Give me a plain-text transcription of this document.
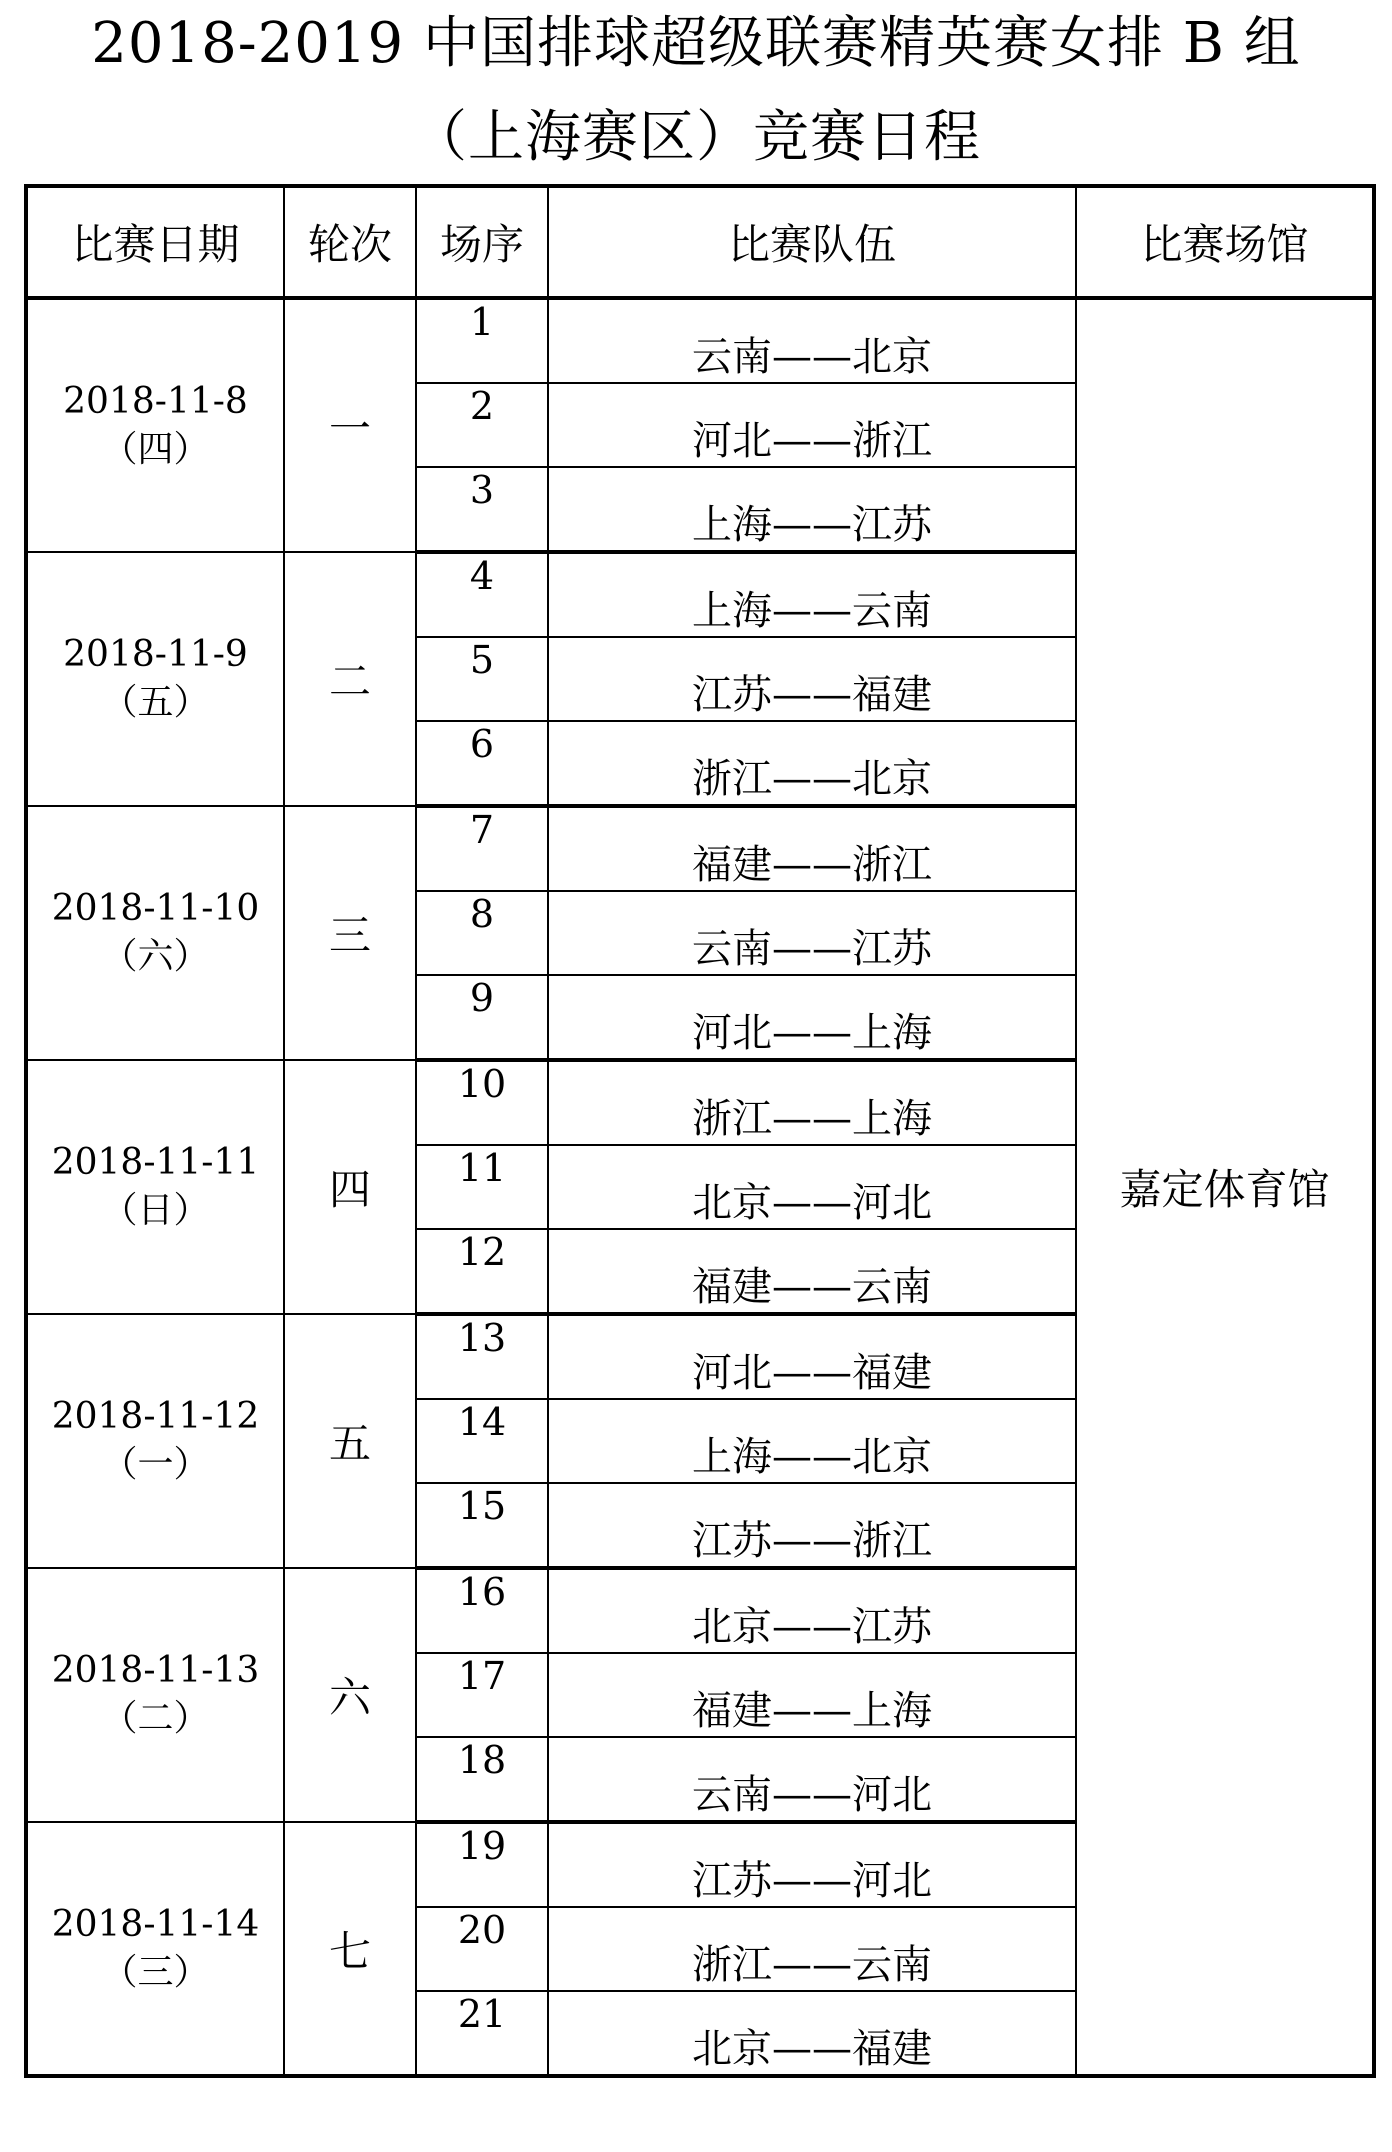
2018-2019 中国排球超级联赛精英赛女排 B 组
（上海赛区）竞赛日程
比赛日期	轮次	场序	比赛队伍	比赛场馆

2018-11-8
（四）	一	1	云南——北京	嘉定体育馆
		2	河北——浙江	
		3	上海——江苏	

2018-11-9
（五）	二	4	上海——云南	
		5	江苏——福建	
		6	浙江——北京	

2018-11-10
（六）	三	7	福建——浙江	
		8	云南——江苏	
		9	河北——上海	

2018-11-11
（日）	四	10	浙江——上海	
		11	北京——河北	
		12	福建——云南	

2018-11-12
（一）	五	13	河北——福建	
		14	上海——北京	
		15	江苏——浙江	

2018-11-13
（二）	六	16	北京——江苏	
		17	福建——上海	
		18	云南——河北	

2018-11-14
（三）	七	19	江苏——河北	
		20	浙江——云南	
		21	北京——福建	
